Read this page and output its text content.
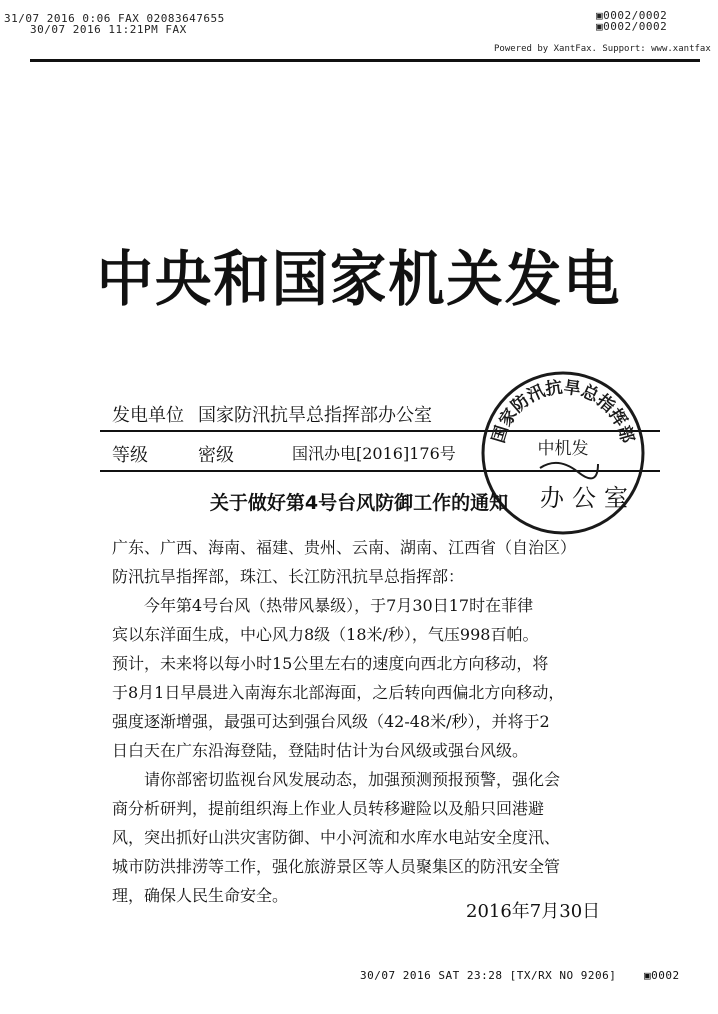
31/07 2016 0:06 FAX 02083647655
30/07 2016 11:21PM FAX
▣0002/0002
▣0002/0002
Powered by XantFax. Support: www.xantfax
中央和国家机关发电
发电单位 国家防汛抗旱总指挥部办公室
等级	密级	国汛办电[2016]176号
国家防汛抗旱总指挥部
中机发
办公室
关于做好第4号台风防御工作的通知
广东、广西、海南、福建、贵州、云南、湖南、江西省（自治区）
防汛抗旱指挥部，珠江、长江防汛抗旱总指挥部：
　　今年第4号台风（热带风暴级），于7月30日17时在菲律
宾以东洋面生成，中心风力8级（18米/秒），气压998百帕。
预计，未来将以每小时15公里左右的速度向西北方向移动，将
于8月1日早晨进入南海东北部海面，之后转向西偏北方向移动，
强度逐渐增强，最强可达到强台风级（42-48米/秒），并将于2
日白天在广东沿海登陆，登陆时估计为台风级或强台风级。
　　请你部密切监视台风发展动态，加强预测预报预警，强化会
商分析研判，提前组织海上作业人员转移避险以及船只回港避
风，突出抓好山洪灾害防御、中小河流和水库水电站安全度汛、
城市防洪排涝等工作，强化旅游景区等人员聚集区的防汛安全管
理，确保人民生命安全。
2016年7月30日
30/07 2016 SAT 23:28 [TX/RX NO 9206]	▣0002
